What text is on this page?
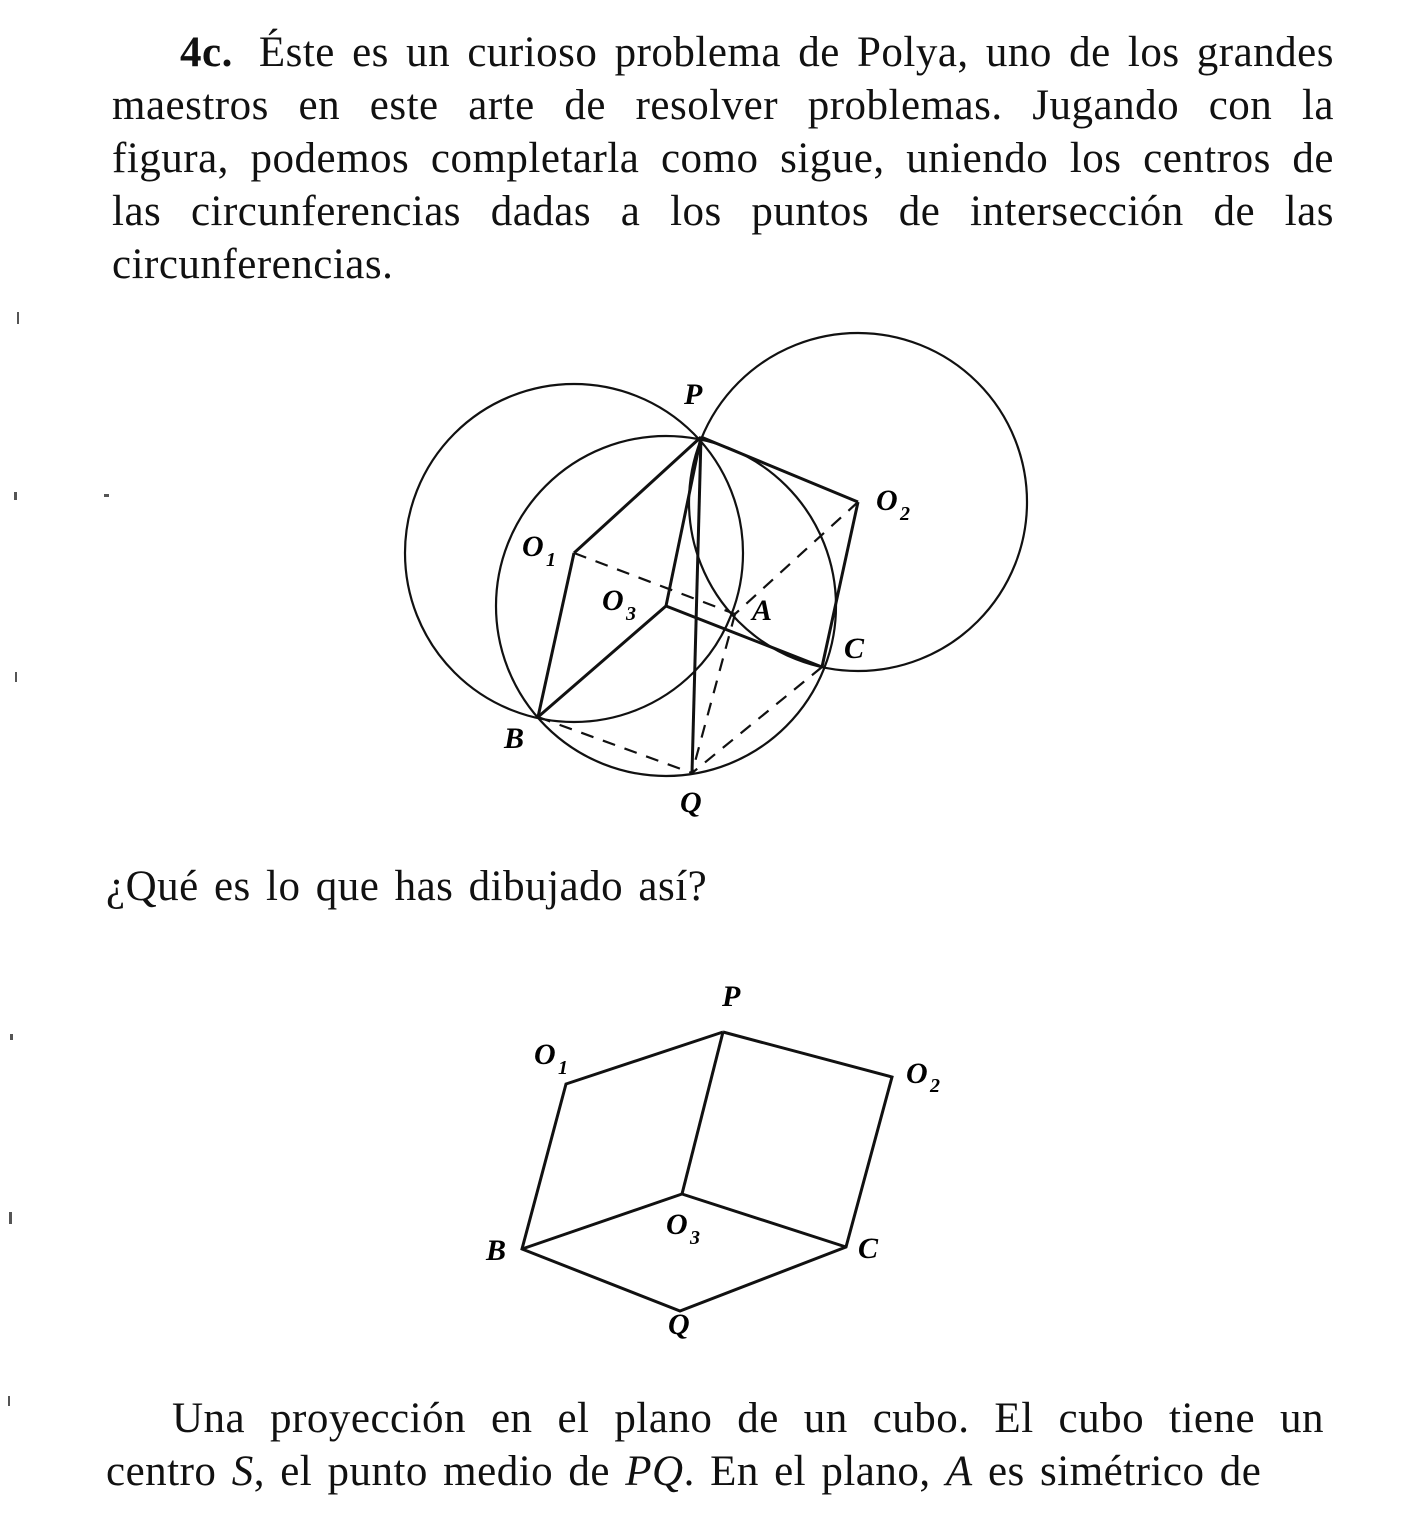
4c. Éste es un curioso problema de Polya, uno de los grandes maestros en este arte de resolver problemas. Jugando con la figura, podemos completarla como sigue, uniendo los centros de las circunferencias dadas a los puntos de intersección de las circunferencias.
P
O 1
O 2
O 3	A
B
C
Q
P
O 1	O 2
O 3
B	C
Q
¿Qué es lo que has dibujado así?
Una proyección en el plano de un cubo. El cubo tiene un centro S, el punto medio de PQ. En el plano, A es simétrico de
